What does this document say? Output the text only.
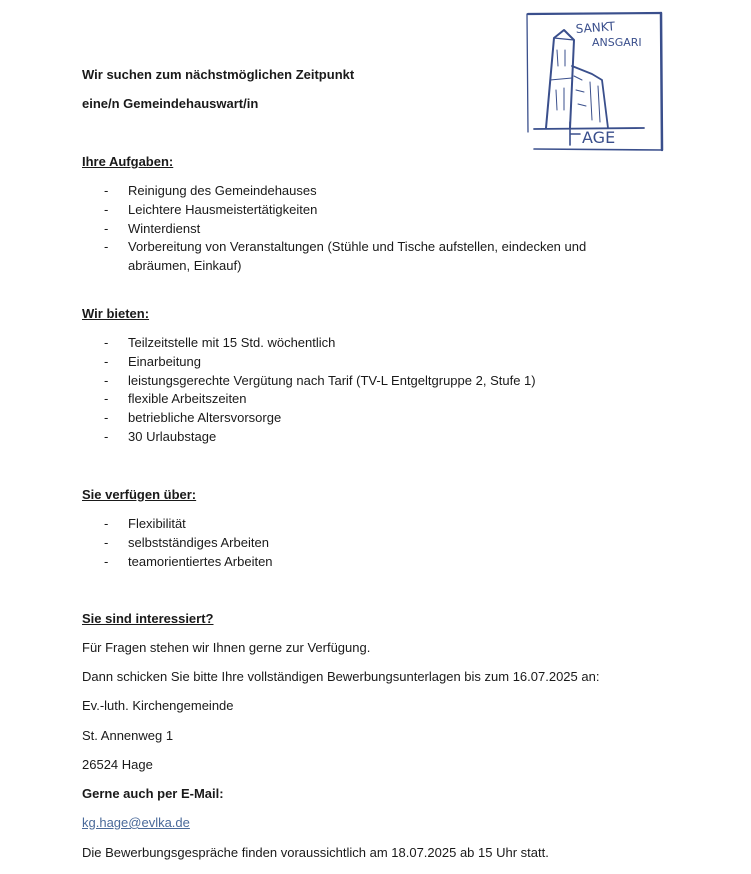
SANKT
ANSGARI
AGE
Wir suchen zum nächstmöglichen Zeitpunkt
eine/n Gemeindehauswart/in
Ihre Aufgaben:
- Reinigung des Gemeindehauses
- Leichtere Hausmeistertätigkeiten
- Winterdienst
- Vorbereitung von Veranstaltungen (Stühle und Tische aufstellen, eindecken und
abräumen, Einkauf)
Wir bieten:
- Teilzeitstelle mit 15 Std. wöchentlich
- Einarbeitung
- leistungsgerechte Vergütung nach Tarif (TV-L Entgeltgruppe 2, Stufe 1)
- flexible Arbeitszeiten
- betriebliche Altersvorsorge
- 30 Urlaubstage
Sie verfügen über:
- Flexibilität
- selbstständiges Arbeiten
- teamorientiertes Arbeiten
Sie sind interessiert?
Für Fragen stehen wir Ihnen gerne zur Verfügung.
Dann schicken Sie bitte Ihre vollständigen Bewerbungsunterlagen bis zum 16.07.2025 an:
Ev.-luth. Kirchengemeinde
St. Annenweg 1
26524 Hage
Gerne auch per E-Mail:
kg.hage@evlka.de
Die Bewerbungsgespräche finden voraussichtlich am 18.07.2025 ab 15 Uhr statt.
